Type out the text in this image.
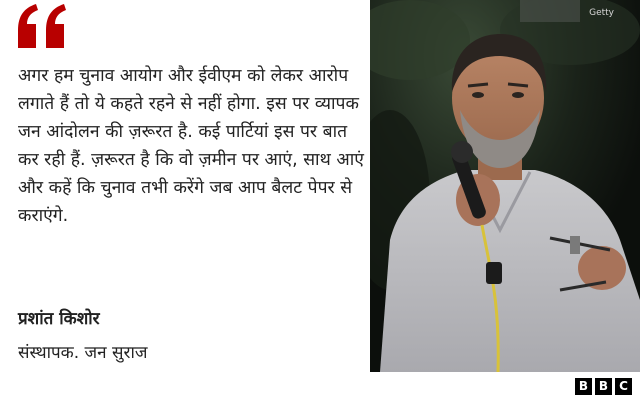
अगर हम चुनाव आयोग और ईवीएम को लेकर आरोप लगाते हैं तो ये कहते रहने से नहीं होगा. इस पर व्यापक जन आंदोलन की ज़रूरत है. कई पार्टियां इस पर बात कर रही हैं. ज़रूरत है कि वो ज़मीन पर आएं, साथ आएं और कहें कि चुनाव तभी करेंगे जब आप बैलट पेपर से कराएंगे.

प्रशांत किशोर

संस्थापक. जन सुराज

Getty
B B C
